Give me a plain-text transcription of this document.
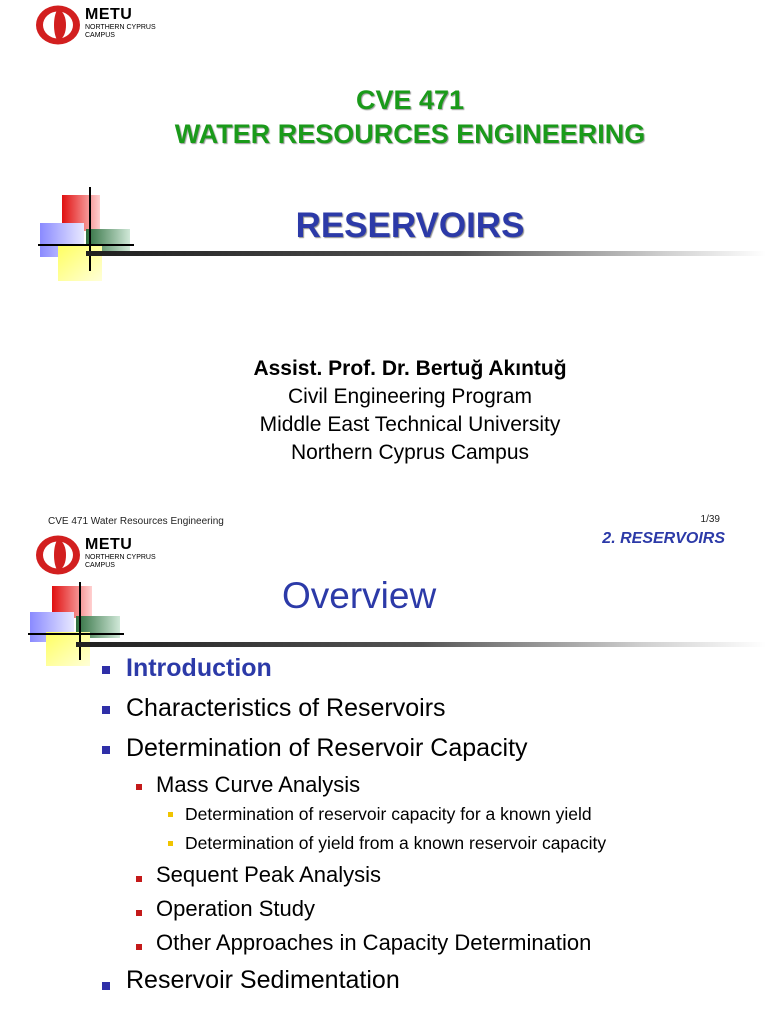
METU
NORTHERN CYPRUS
CAMPUS
CVE 471
WATER RESOURCES ENGINEERING
RESERVOIRS
Assist. Prof. Dr. Bertuğ Akıntuğ
Civil Engineering Program
Middle East Technical University
Northern Cyprus Campus
CVE 471 Water Resources Engineering	1/39
METU
NORTHERN CYPRUS
CAMPUS
2. RESERVOIRS
Overview
Introduction
Characteristics of Reservoirs
Determination of Reservoir Capacity
Mass Curve Analysis
Determination of reservoir capacity for a known yield
Determination of yield from a known reservoir capacity
Sequent Peak Analysis
Operation Study
Other Approaches in Capacity Determination
Reservoir Sedimentation
